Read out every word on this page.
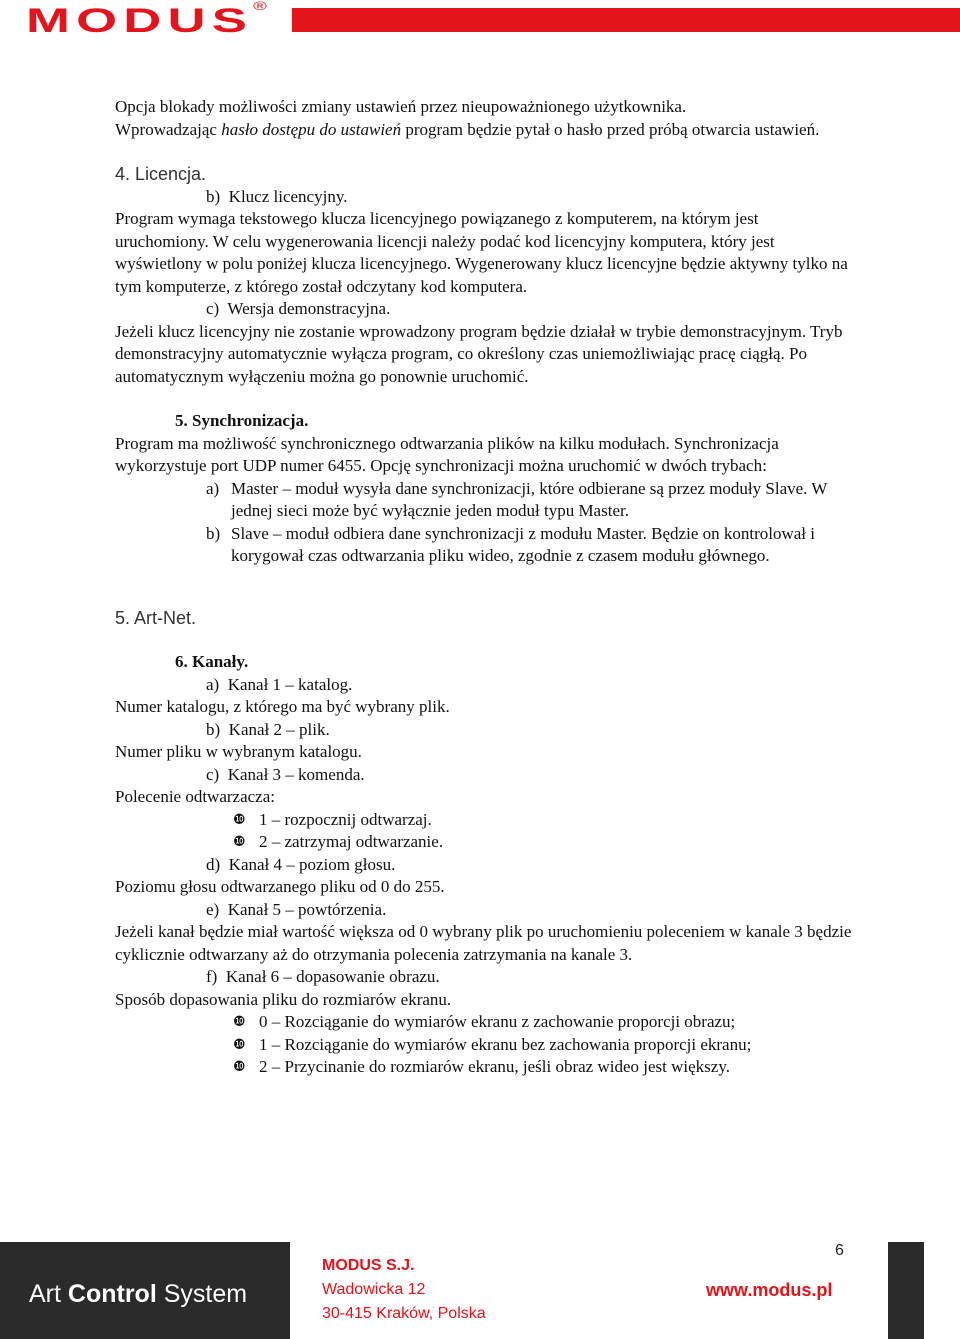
MODUS®

Opcja blokady możliwości zmiany ustawień przez nieupoważnionego użytkownika.

Wprowadzając hasło dostępu do ustawień program będzie pytał o hasło przed próbą otwarcia ustawień.

4. Licencja.

b) Klucz licencyjny.

Program wymaga tekstowego klucza licencyjnego powiązanego z komputerem, na którym jest uruchomiony. W celu wygenerowania licencji należy podać kod licencyjny komputera, który jest wyświetlony w polu poniżej klucza licencyjnego. Wygenerowany klucz licencyjne będzie aktywny tylko na tym komputerze, z którego został odczytany kod komputera.

c) Wersja demonstracyjna.

Jeżeli klucz licencyjny nie zostanie wprowadzony program będzie działał w trybie demonstracyjnym. Tryb demonstracyjny automatycznie wyłącza program, co określony czas uniemożliwiając pracę ciągłą. Po automatycznym wyłączeniu można go ponownie uruchomić.

5. Synchronizacja.

Program ma możliwość synchronicznego odtwarzania plików na kilku modułach. Synchronizacja wykorzystuje port UDP numer 6455. Opcję synchronizacji można uruchomić w dwóch trybach:

a) Master – moduł wysyła dane synchronizacji, które odbierane są przez moduły Slave. W jednej sieci może być wyłącznie jeden moduł typu Master.
b) Slave – moduł odbiera dane synchronizacji z modułu Master. Będzie on kontrolował i korygował czas odtwarzania pliku wideo, zgodnie z czasem modułu głównego.

5. Art-Net.

6. Kanały.

a) Kanał 1 – katalog.

Numer katalogu, z którego ma być wybrany plik.

b) Kanał 2 – plik.

Numer pliku w wybranym katalogu.

c) Kanał 3 – komenda.

Polecenie odtwarzacza:

❿ 1 – rozpocznij odtwarzaj.
❿ 2 – zatrzymaj odtwarzanie.

d) Kanał 4 – poziom głosu.

Poziomu głosu odtwarzanego pliku od 0 do 255.

e) Kanał 5 – powtórzenia.

Jeżeli kanał będzie miał wartość większa od 0 wybrany plik po uruchomieniu poleceniem w kanale 3 będzie cyklicznie odtwarzany aż do otrzymania polecenia zatrzymania na kanale 3.

f) Kanał 6 – dopasowanie obrazu.

Sposób dopasowania pliku do rozmiarów ekranu.

❿ 0 – Rozciąganie do wymiarów ekranu z zachowanie proporcji obrazu;
❿ 1 – Rozciąganie do wymiarów ekranu bez zachowania proporcji ekranu;
❿ 2 – Przycinanie do rozmiarów ekranu, jeśli obraz wideo jest większy.
Art Control System
MODUS S.J.
Wadowicka 12
30-415 Kraków, Polska
www.modus.pl
6
